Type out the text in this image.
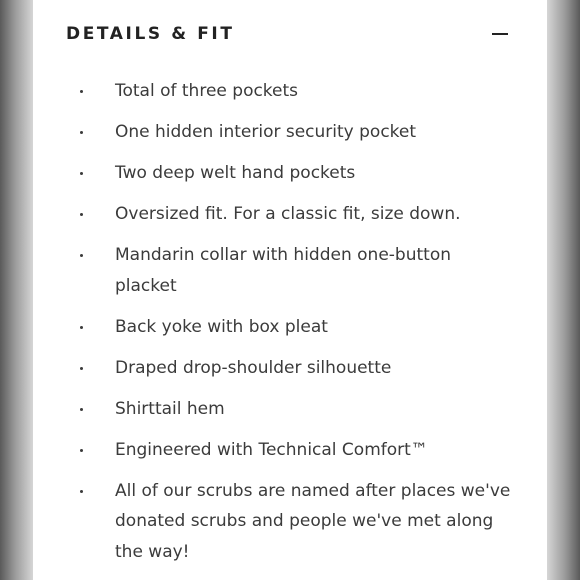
DETAILS & FIT
Total of three pockets
One hidden interior security pocket
Two deep welt hand pockets
Oversized fit. For a classic fit, size down.
Mandarin collar with hidden one-button placket
Back yoke with box pleat
Draped drop-shoulder silhouette
Shirttail hem
Engineered with Technical Comfort™
All of our scrubs are named after places we've donated scrubs and people we've met along the way!
